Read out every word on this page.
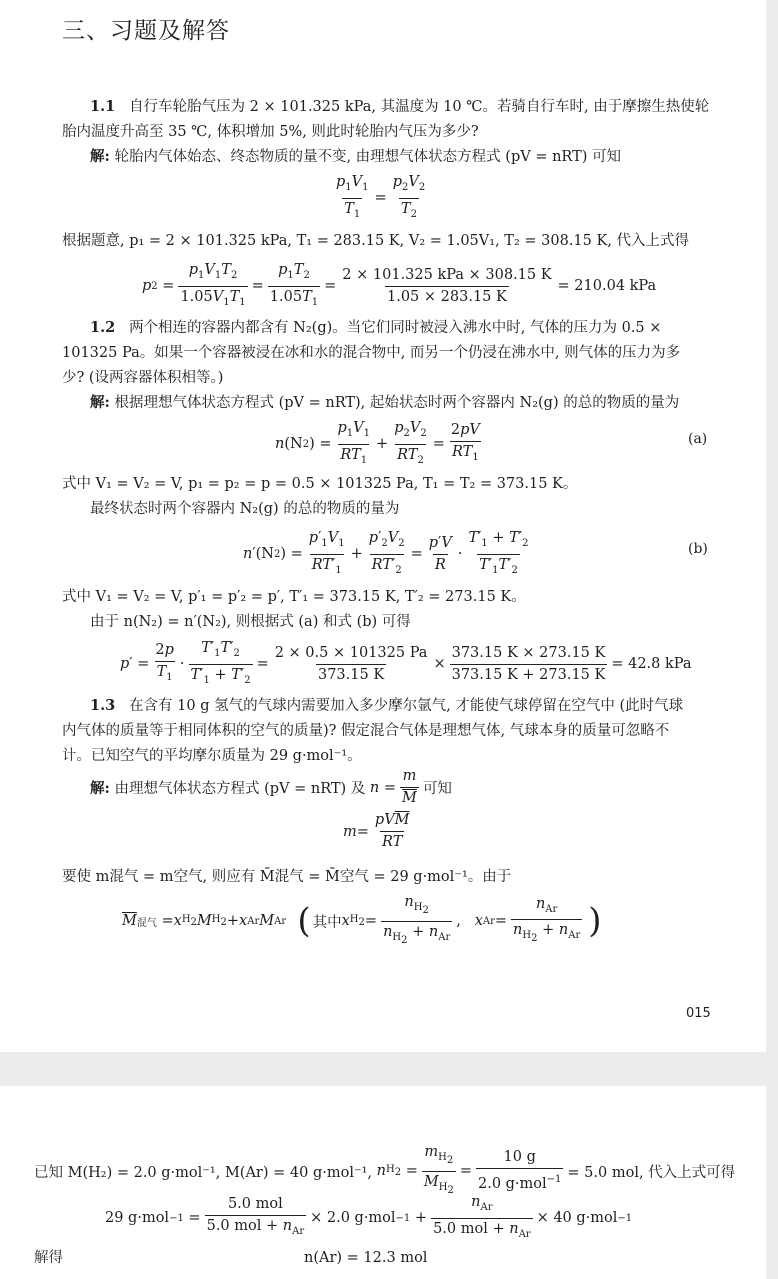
三、习题及解答
1.1 自行车轮胎气压为 2 × 101.325 kPa, 其温度为 10 ℃。若骑自行车时, 由于摩擦生热使轮
胎内温度升高至 35 ℃, 体积增加 5%, 则此时轮胎内气压为多少?
解: 轮胎内气体始态、终态物质的量不变, 由理想气体状态方程式 (pV = nRT) 可知
$p_1V_1$
$T_1$
=
$p_2V_2$
$T_2$
根据题意, p₁ = 2 × 101.325 kPa, T₁ = 283.15 K, V₂ = 1.05V₁, T₂ = 308.15 K, 代入上式得
p 2 =
$p_1V_1T_2$
$1.05V_1T_1$
=
$p_1T_2$
$1.05T_1$
=
2 × 101.325 kPa × 308.15 K
1.05 × 283.15 K
= 210.04 kPa
1.2 两个相连的容器内都含有 N₂(g)。当它们同时被浸入沸水中时, 气体的压力为 0.5 ×
101325 Pa。如果一个容器被浸在冰和水的混合物中, 而另一个仍浸在沸水中, 则气体的压力为多
少? (设两容器体积相等。)
解: 根据理想气体状态方程式 (pV = nRT), 起始状态时两个容器内 N₂(g) 的总的物质的量为
n (N 2 ) =
$p_1V_1$
$RT_1$
+
$p_2V_2$
$RT_2$
=
2pV
$RT_1$
(a)
式中 V₁ = V₂ = V, p₁ = p₂ = p = 0.5 × 101325 Pa, T₁ = T₂ = 373.15 K。
最终状态时两个容器内 N₂(g) 的总的物质的量为
n ′(N 2 ) =
$p'_1V_1$
$RT'_1$
+
$p'_2V_2$
$RT'_2$
=
p′V
R
·
$T'_1 + T'_2$
$T'_1T'_2$
(b)
式中 V₁ = V₂ = V, p′₁ = p′₂ = p′, T′₁ = 373.15 K, T′₂ = 273.15 K。
由于 n(N₂) = n′(N₂), 则根据式 (a) 和式 (b) 可得
p ′ =
2p
$T_1$
·
$T'_1T'_2$
$T'_1 + T'_2$
=
2 × 0.5 × 101325 Pa
373.15 K
× $\frac{373.15 K \times 273.15 K}{373.15 K + 273.15 K} = 42.8$ kPa
1.3 在含有 10 g 氢气的气球内需要加入多少摩尔氩气, 才能使气球停留在空气中 (此时气球
内气体的质量等于相同体积的空气的质量)? 假定混合气体是理想气体, 气球本身的质量可忽略不
计。已知空气的平均摩尔质量为 29 g·mol⁻¹。
解:
由理想气体状态方程式 (pV = nRT) 及
n =
m
$\overline{M}$
可知
m =
$pV\overline{M}$
RT
要使 m混气 = m空气, 则应有 M̄混气 = M̄空气 = 29 g·mol⁻¹。由于
$\overline{M}$ 混气 = x $H_2$ M $H_2 + x$ Ar M Ar
( 其中 x $H_2$ =
$n_{H_2}$
$n_{H_2} + n_{Ar}$
, x Ar =
$n_{Ar}$
$n_{H_2} + n_{Ar}$ )
015
已知 M(H₂) = 2.0 g·mol⁻¹, M(Ar) = 40 g·mol⁻¹,
n $H_2$ =
$m_{H_2}$
$M_{H_2}$
=
10 g
2.0 g·mol$^{-1}$ = 5.0 mol, 代入上式可得
29 g·mol −1 =
5.0 mol
5.0 mol + $n_{Ar}$
× 2.0 g·mol −1 +
$n_{Ar}$
5.0 mol + $n_{Ar}$
× 40 g·mol −1
解得	n(Ar) = 12.3 mol
